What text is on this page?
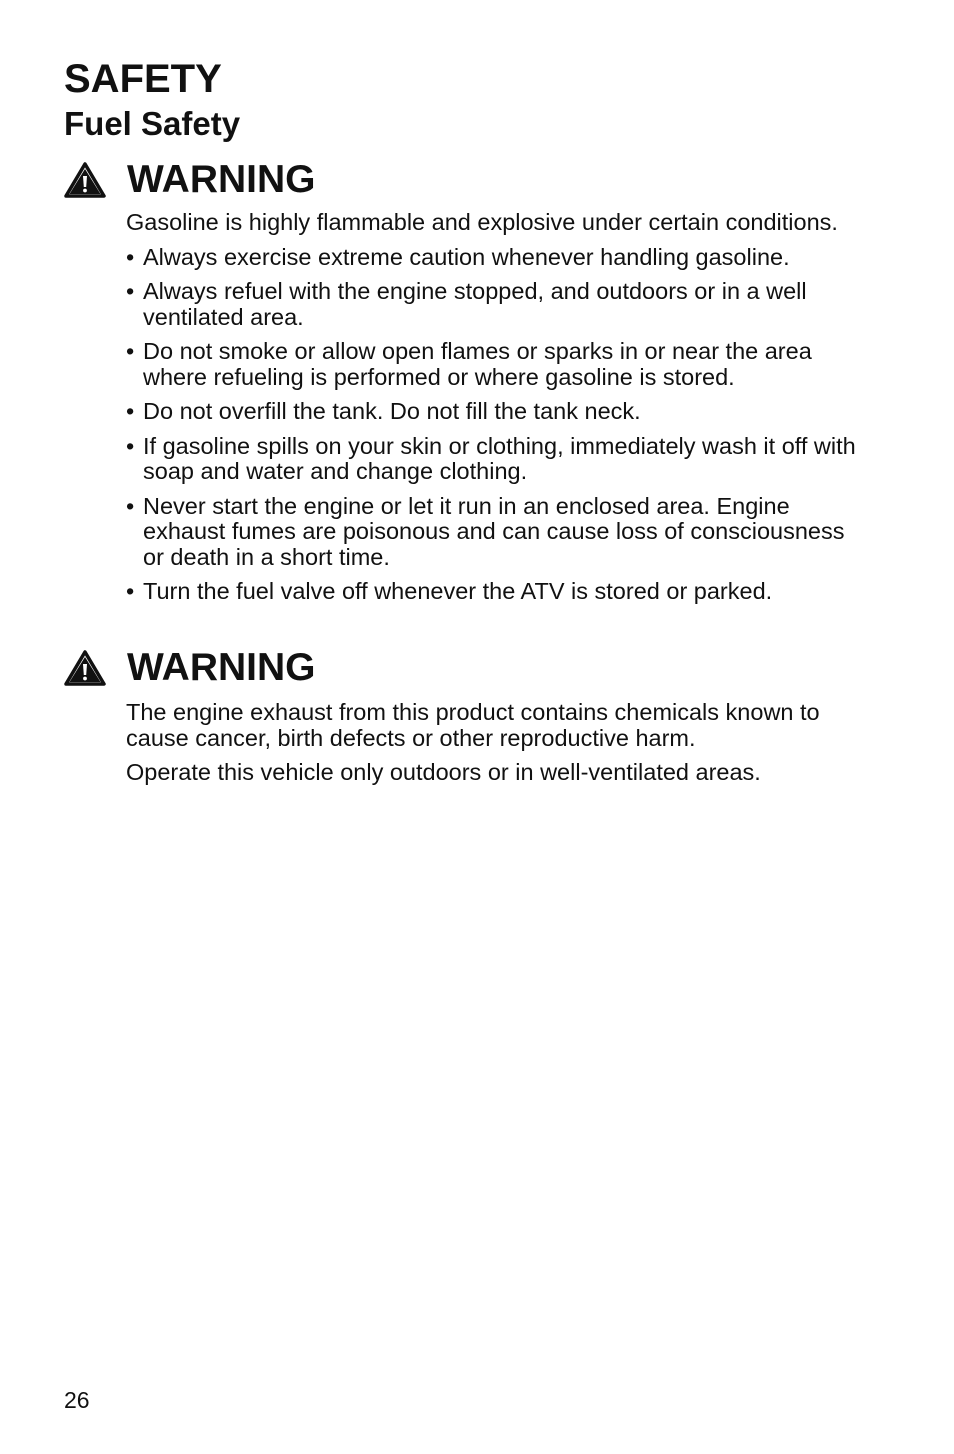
SAFETY
Fuel Safety
WARNING

Gasoline is highly flammable and explosive under certain conditions.

• Always exercise extreme caution whenever handling gasoline.
• Always refuel with the engine stopped, and outdoors or in a well ventilated area.
• Do not smoke or allow open flames or sparks in or near the area where refueling is performed or where gasoline is stored.
• Do not overfill the tank. Do not fill the tank neck.
• If gasoline spills on your skin or clothing, immediately wash it off with soap and water and change clothing.
• Never start the engine or let it run in an enclosed area. Engine exhaust fumes are poisonous and can cause loss of consciousness or death in a short time.
• Turn the fuel valve off whenever the ATV is stored or parked.
WARNING

The engine exhaust from this product contains chemicals known to cause cancer, birth defects or other reproductive harm.

Operate this vehicle only outdoors or in well-ventilated areas.

26
